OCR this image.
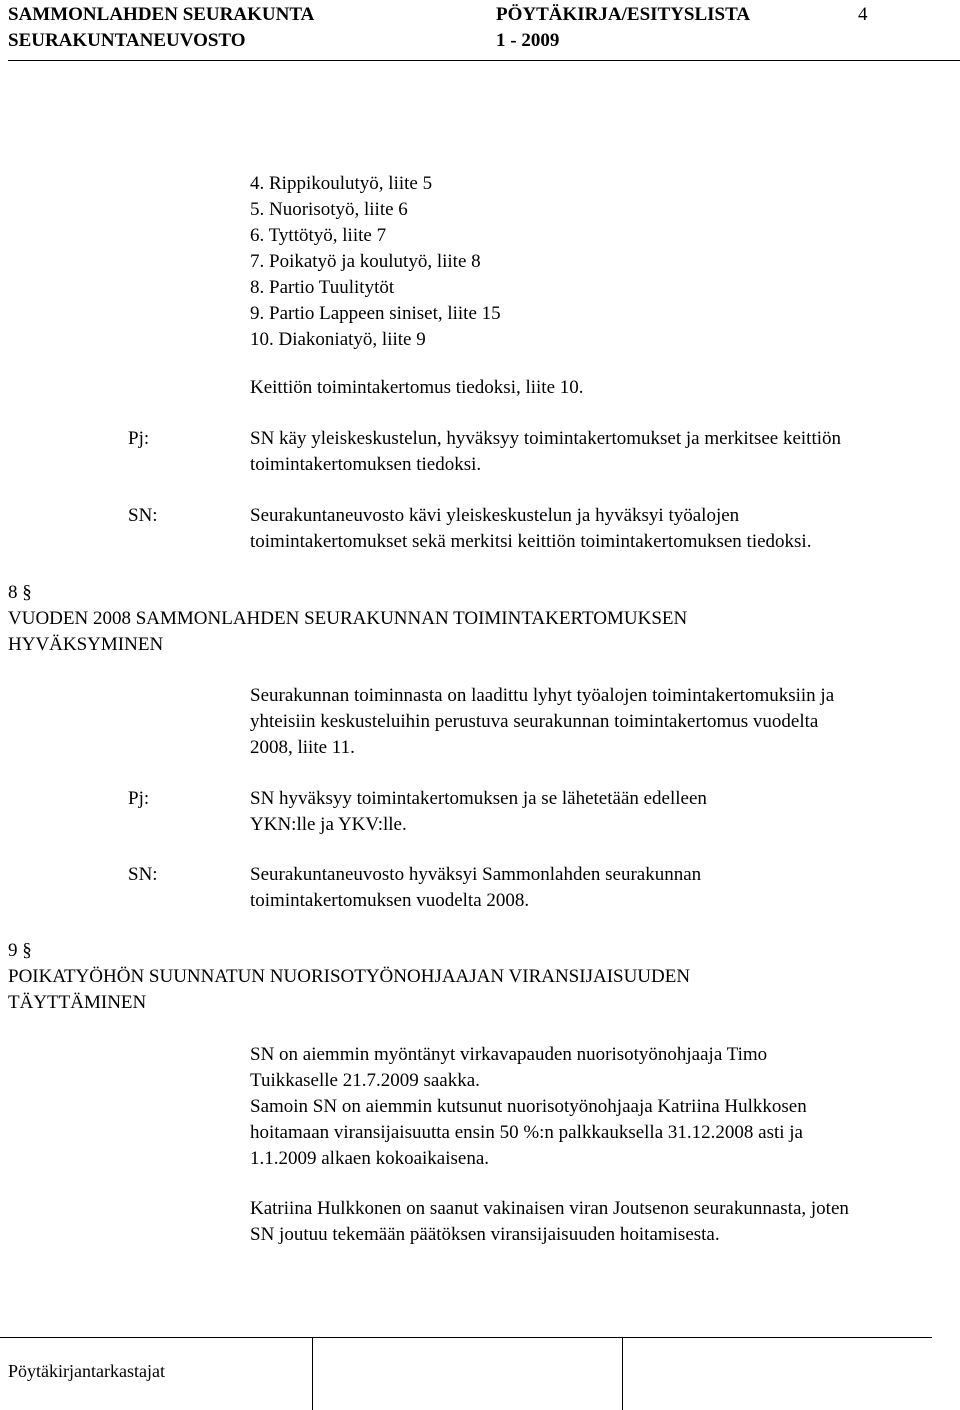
SAMMONLAHDEN SEURAKUNTA
SEURAKUNTANEUVOSTO
PÖYTÄKIRJA/ESITYSLISTA
1 - 2009
4
4. Rippikoulutyö, liite 5
5. Nuorisotyö, liite 6
6. Tyttötyö, liite 7
7. Poikatyö ja koulutyö, liite 8
8. Partio Tuulitytöt
9. Partio Lappeen siniset, liite 15
10. Diakoniatyö, liite 9
Keittiön toimintakertomus tiedoksi, liite 10.
Pj:	SN käy yleiskeskustelun, hyväksyy toimintakertomukset ja merkitsee keittiön
toimintakertomuksen tiedoksi.
SN:	Seurakuntaneuvosto kävi yleiskeskustelun ja hyväksyi työalojen
toimintakertomukset sekä merkitsi keittiön toimintakertomuksen tiedoksi.
8 §
VUODEN 2008 SAMMONLAHDEN SEURAKUNNAN TOIMINTAKERTOMUKSEN
HYVÄKSYMINEN
Seurakunnan toiminnasta on laadittu lyhyt työalojen toimintakertomuksiin ja
yhteisiin keskusteluihin perustuva seurakunnan toimintakertomus vuodelta
2008, liite 11.
Pj:	SN hyväksyy toimintakertomuksen ja se lähetetään edelleen
YKN:lle ja YKV:lle.
SN:	Seurakuntaneuvosto hyväksyi Sammonlahden seurakunnan
toimintakertomuksen vuodelta 2008.
9 §
POIKATYÖHÖN SUUNNATUN NUORISOTYÖNOHJAAJAN VIRANSIJAISUUDEN
TÄYTTÄMINEN
SN on aiemmin myöntänyt virkavapauden nuorisotyönohjaaja Timo
Tuikkaselle 21.7.2009 saakka.
Samoin SN on aiemmin kutsunut nuorisotyönohjaaja Katriina Hulkkosen
hoitamaan viransijaisuutta ensin 50 %:n palkkauksella 31.12.2008 asti ja
1.1.2009 alkaen kokoaikaisena.
Katriina Hulkkonen on saanut vakinaisen viran Joutsenon seurakunnasta, joten
SN joutuu tekemään päätöksen viransijaisuuden hoitamisesta.
Pöytäkirjantarkastajat
